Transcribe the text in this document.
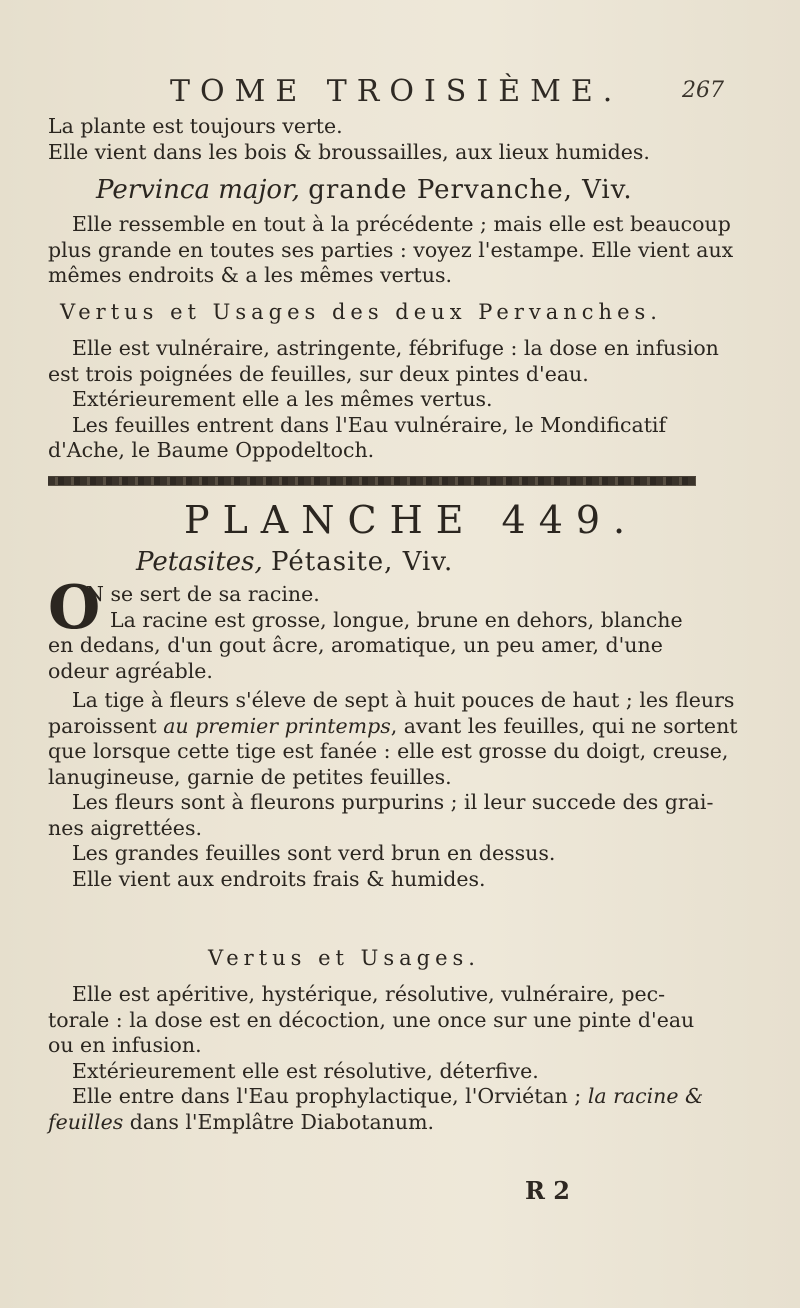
TOME TROISIÈME.	267

La plante est toujours verte.

Elle vient dans les bois & broussailles, aux lieux humides.

Pervinca major, grande Pervanche, Viv.

Elle ressemble en tout à la précédente ; mais elle est beaucoup

plus grande en toutes ses parties : voyez l'estampe. Elle vient aux

mêmes endroits & a les mêmes vertus.

Vertus et Usages des deux Pervanches.

Elle est vulnéraire, astringente, fébrifuge : la dose en infusion

est trois poignées de feuilles, sur deux pintes d'eau.

Extérieurement elle a les mêmes vertus.

Les feuilles entrent dans l'Eau vulnéraire, le Mondificatif

d'Ache, le Baume Oppodeltoch.

PLANCHE 449.

Petasites, Pétasite, Viv.

O

N se sert de sa racine.

La racine est grosse, longue, brune en dehors, blanche

en dedans, d'un gout âcre, aromatique, un peu amer, d'une

odeur agréable.

La tige à fleurs s'éleve de sept à huit pouces de haut ; les fleurs

paroissent au premier printemps, avant les feuilles, qui ne sortent

que lorsque cette tige est fanée : elle est grosse du doigt, creuse,

lanugineuse, garnie de petites feuilles.

Les fleurs sont à fleurons purpurins ; il leur succede des grai-

nes aigrettées.

Les grandes feuilles sont verd brun en dessus.

Elle vient aux endroits frais & humides.

Vertus et Usages.

Elle est apéritive, hystérique, résolutive, vulnéraire, pec-

torale : la dose est en décoction, une once sur une pinte d'eau

ou en infusion.

Extérieurement elle est résolutive, déterfive.

Elle entre dans l'Eau prophylactique, l'Orviétan ; la racine &

feuilles dans l'Emplâtre Diabotanum.

R 2
